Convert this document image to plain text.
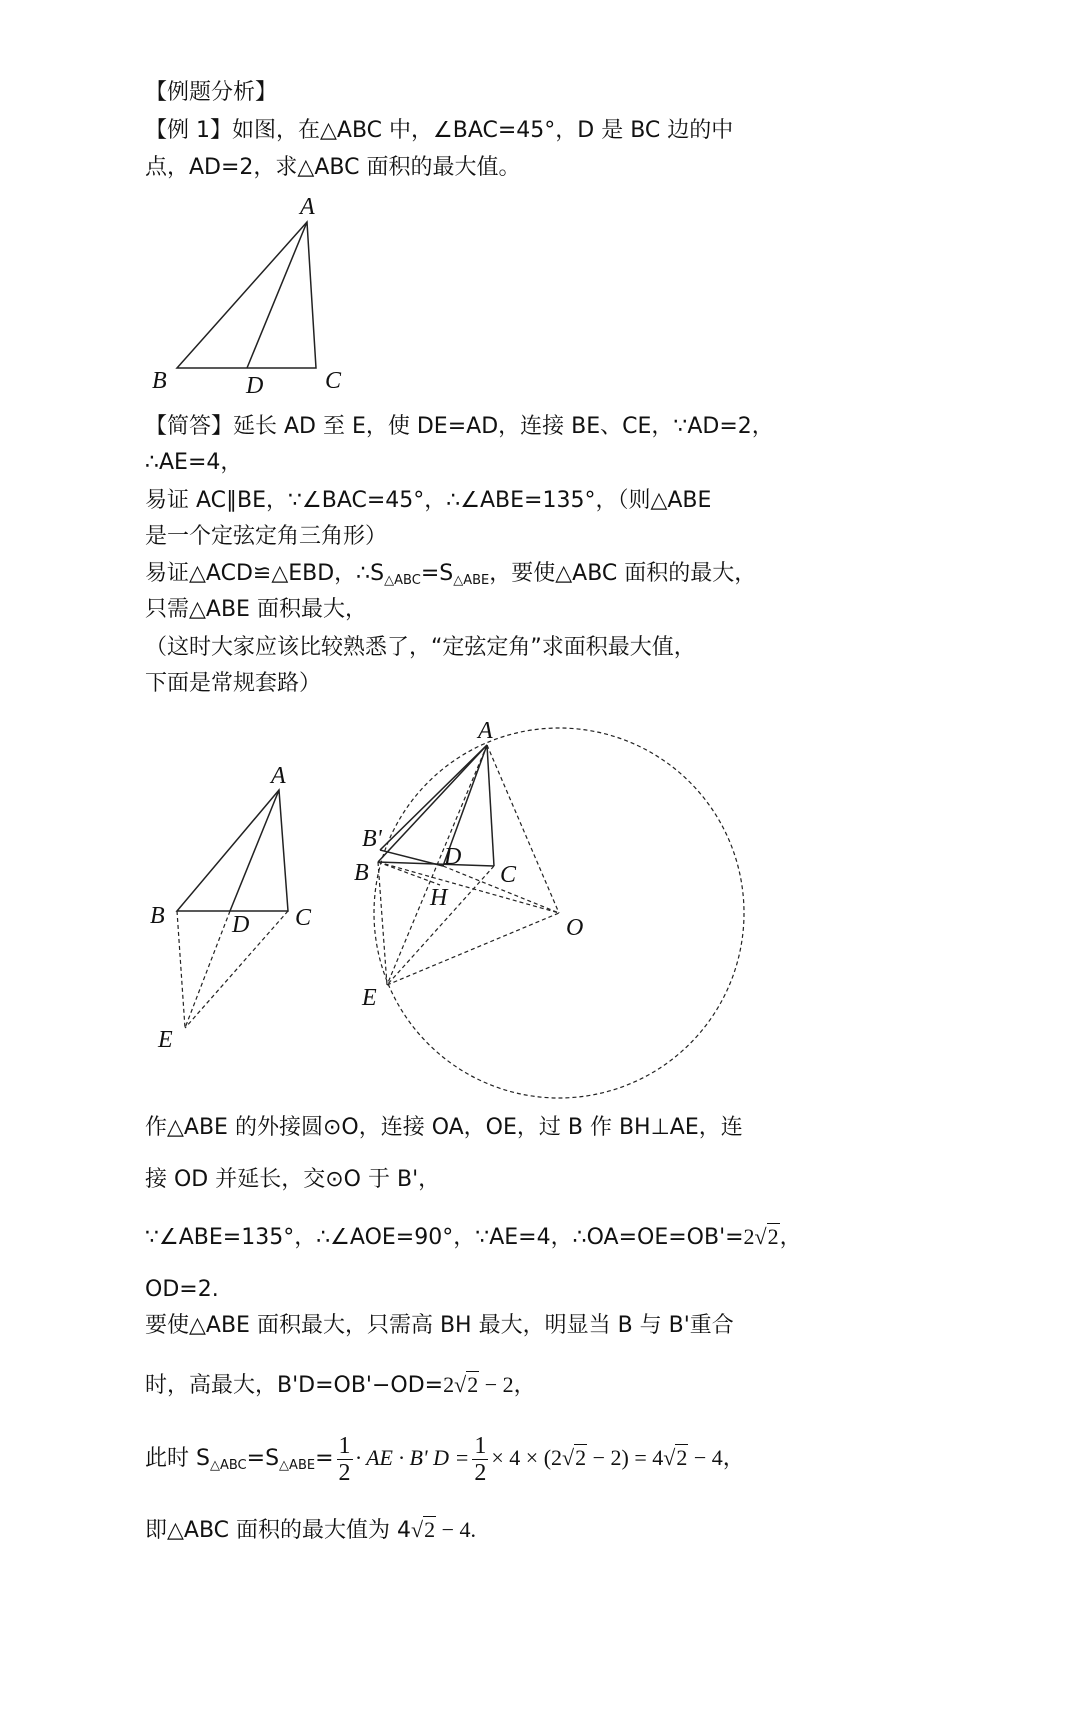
A
B	D	C
A
B	D C
E
A
B'
B
D
C
H
O
E
【例题分析】
【例 1】如图，在△ABC 中，∠BAC=45°，D 是 BC 边的中
点，AD=2，求△ABC 面积的最大值。
【简答】延长 AD 至 E，使 DE=AD，连接 BE、CE，∵AD=2，
∴AE=4，
易证 AC∥BE，∵∠BAC=45°，∴∠ABE=135°，（则△ABE
是一个定弦定角三角形）
易证△ACD≌△EBD，$\therefore S_{\triangle ABC}=S_{\triangle ABE}$，要使△ABC 面积的最大，
只需△ABE 面积最大，
（这时大家应该比较熟悉了，“定弦定角”求面积最大值，
下面是常规套路）
作△ABE 的外接圆⊙O，连接 OA，OE，过 B 作 BH⊥AE，连
接 OD 并延长，交⊙O 于 B'，
∵∠ABE=135°，∴∠AOE=90°，∵AE=4，∴OA=OE=OB'=2√2，
OD=2.
要使△ABE 面积最大，只需高 BH 最大，明显当 B 与 B'重合
时，高最大，B'D=OB'−OD=2√2 − 2，
此时 $S_{\triangle ABC}=S_{\triangle ABE}= \frac{1}{2}$ · AE · B' $D = \frac{1}{2} \times 4 \times (2√2 - 2) = 4√2 - 4$，
即△ABC 面积的最大值为 4√2 − 4.
